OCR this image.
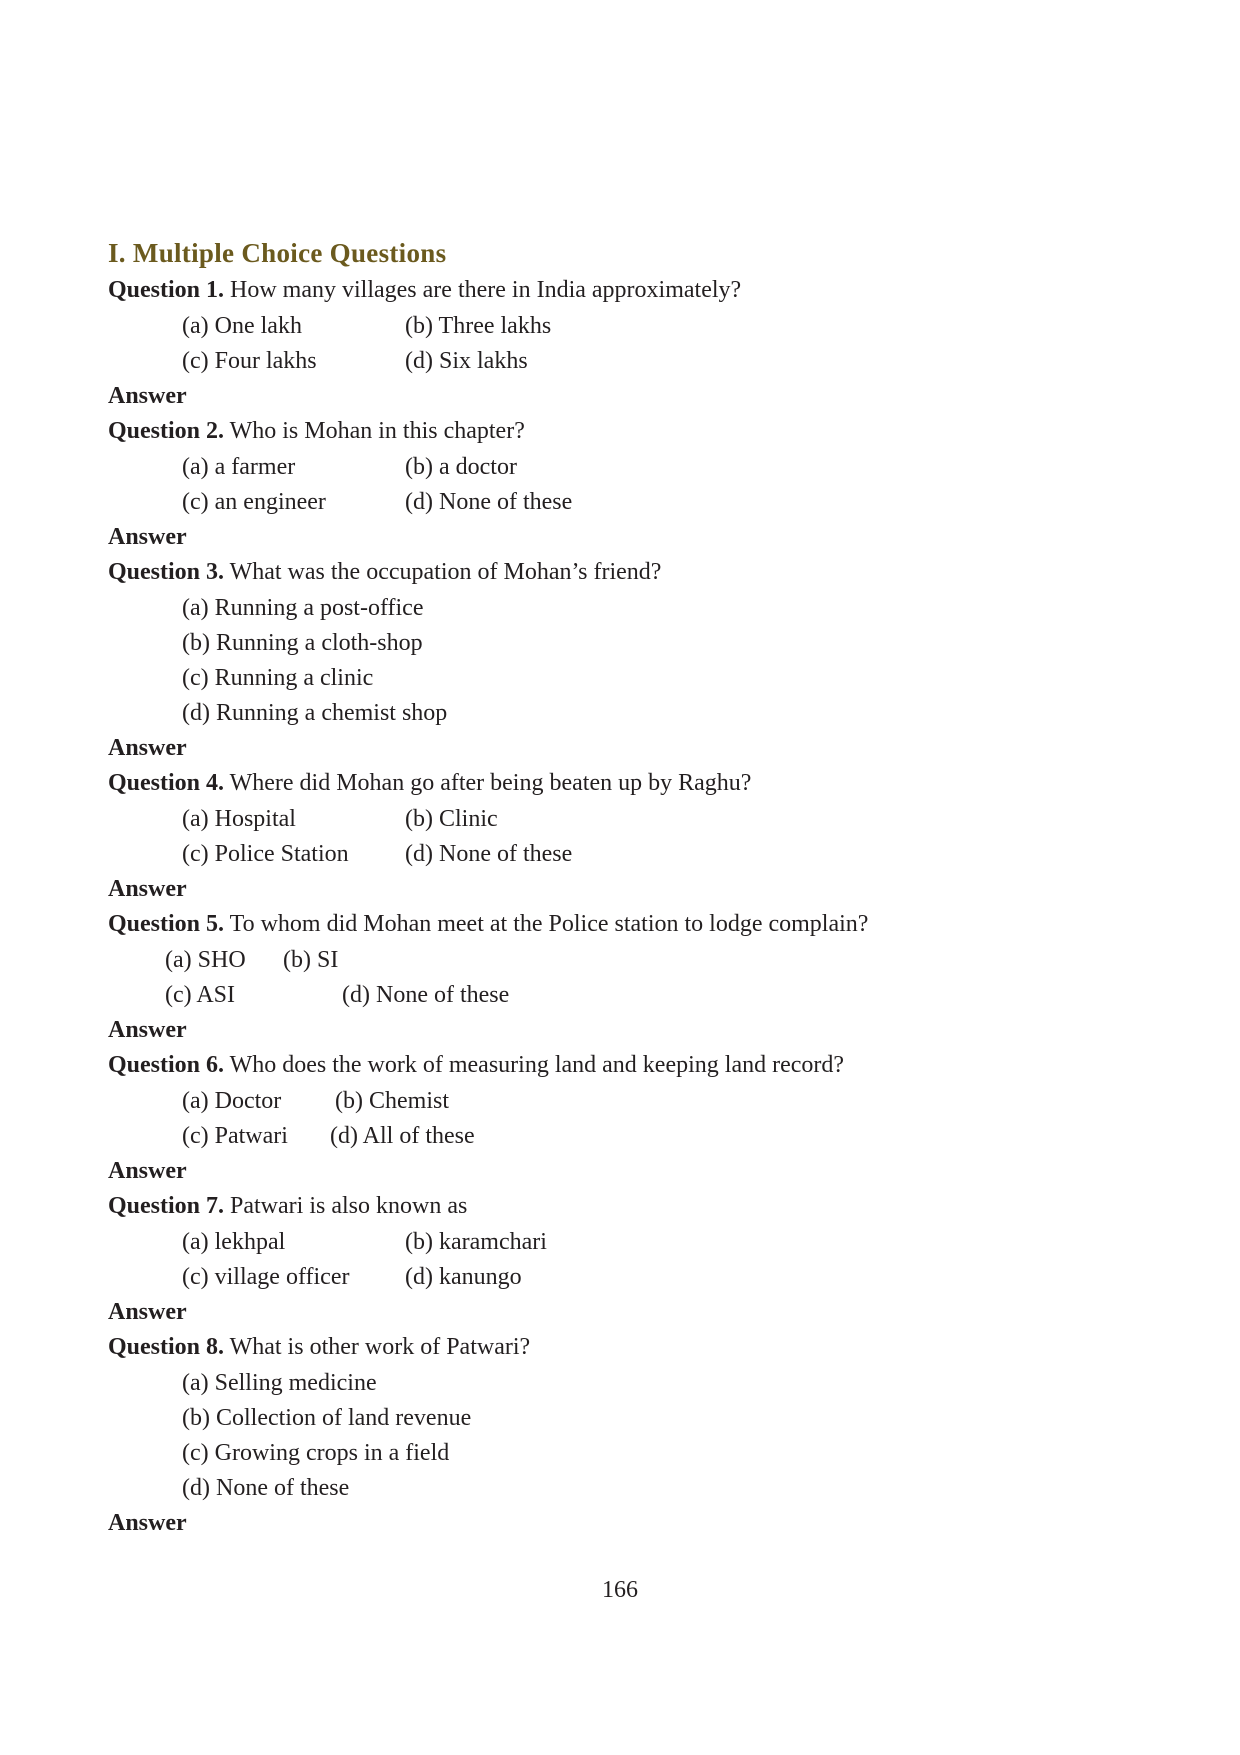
I. Multiple Choice Questions
Question 1. How many villages are there in India approximately?
(a) One lakh	(b) Three lakhs
(c) Four lakhs	(d) Six lakhs
Answer
Question 2. Who is Mohan in this chapter?
(a) a farmer	(b) a doctor
(c) an engineer	(d) None of these
Answer
Question 3. What was the occupation of Mohan’s friend?
(a) Running a post-office
(b) Running a cloth-shop
(c) Running a clinic
(d) Running a chemist shop
Answer
Question 4. Where did Mohan go after being beaten up by Raghu?
(a) Hospital	(b) Clinic
(c) Police Station (d) None of these
Answer
Question 5. To whom did Mohan meet at the Police station to lodge complain?
(a) SHO (b) SI
(c) ASI	(d) None of these
Answer
Question 6. Who does the work of measuring land and keeping land record?
(a) Doctor (b) Chemist
(c) Patwari (d) All of these
Answer
Question 7. Patwari is also known as
(a) lekhpal	(b) karamchari
(c) village officer (d) kanungo
Answer
Question 8. What is other work of Patwari?
(a) Selling medicine
(b) Collection of land revenue
(c) Growing crops in a field
(d) None of these
Answer
166
